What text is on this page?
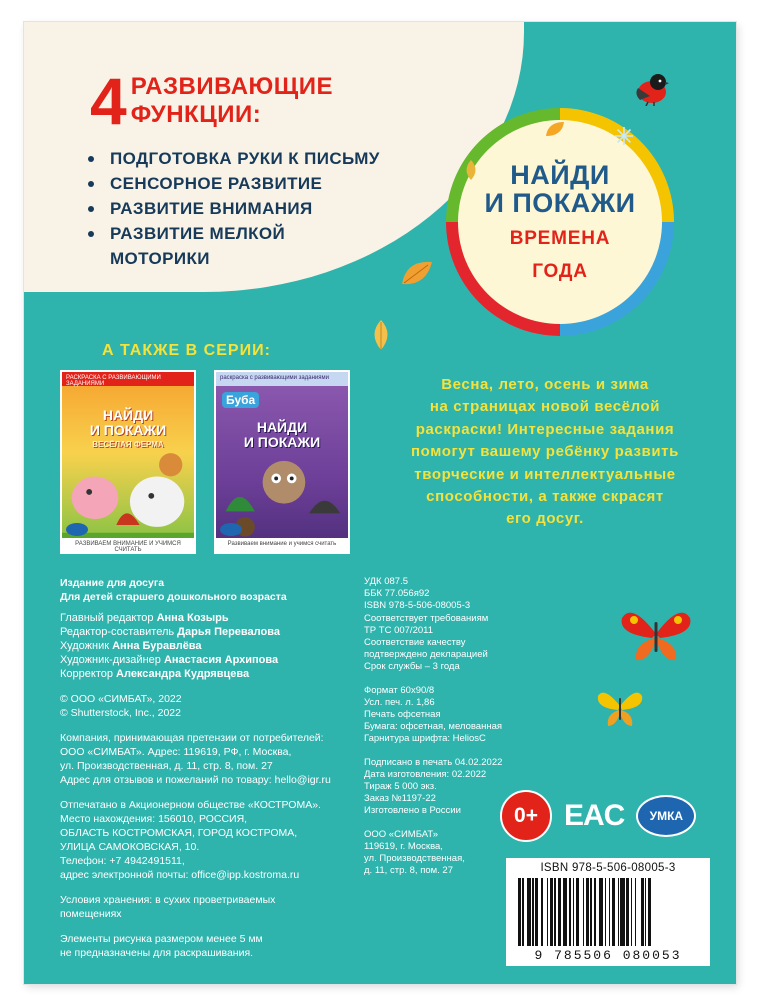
4 РАЗВИВАЮЩИЕ
ФУНКЦИИ:
ПОДГОТОВКА РУКИ К ПИСЬМУ
СЕНСОРНОЕ РАЗВИТИЕ
РАЗВИТИЕ ВНИМАНИЯ
РАЗВИТИЕ МЕЛКОЙ
МОТОРИКИ
НАЙДИ
И ПОКАЖИ
ВРЕМЕНА
ГОДА
А ТАКЖЕ В СЕРИИ:
РАСКРАСКА С РАЗВИВАЮЩИМИ ЗАДАНИЯМИ
НАЙДИ
И ПОКАЖИ
ВЕСЁЛАЯ ФЕРМА
РАЗВИВАЕМ ВНИМАНИЕ И УЧИМСЯ СЧИТАТЬ
раскраска с развивающими заданиями
Буба
НАЙДИ
И ПОКАЖИ
Развиваем внимание и учимся считать
Весна, лето, осень и зима
на страницах новой весёлой
раскраски! Интересные задания
помогут вашему ребёнку развить
творческие и интеллектуальные
способности, а также скрасят
его досуг.

Издание для досуга

Для детей старшего дошкольного возраста

Главный редактор Анна Козырь

Редактор-составитель Дарья Перевалова

Художник Анна Буравлёва

Художник-дизайнер Анастасия Архипова

Корректор Александра Кудрявцева

© ООО «СИМБАТ», 2022

© Shutterstock, Inc., 2022

Компания, принимающая претензии от потребителей:

ООО «СИМБАТ». Адрес: 119619, РФ, г. Москва,

ул. Производственная, д. 11, стр. 8, пом. 27

Адрес для отзывов и пожеланий по товару: hello@igr.ru

Отпечатано в Акционерном обществе «КОСТРОМА».

Место нахождения: 156010, РОССИЯ,

ОБЛАСТЬ КОСТРОМСКАЯ, ГОРОД КОСТРОМА,

УЛИЦА САМОКОВСКАЯ, 10.

Телефон: +7 4942491511,

адрес электронной почты: office@ipp.kostroma.ru

Условия хранения: в сухих проветриваемых

помещениях

Элементы рисунка размером менее 5 мм

не предназначены для раскрашивания.

УДК 087.5

ББК 77.056я92

ISBN 978-5-506-08005-3

Соответствует требованиям

ТР ТС 007/2011

Соответствие качеству

подтверждено декларацией

Срок службы – 3 года

Формат 60х90/8

Усл. печ. л. 1,86

Печать офсетная

Бумага: офсетная, мелованная

Гарнитура шрифта: HeliosC

Подписано в печать 04.02.2022

Дата изготовления: 02.2022

Тираж 5 000 экз.

Заказ №1197-22

Изготовлено в России

ООО «СИМБАТ»

119619, г. Москва,

ул. Производственная,

д. 11, стр. 8, пом. 27

0+ EAC	УМКА
ISBN 978-5-506-08005-3
9 785506 080053
